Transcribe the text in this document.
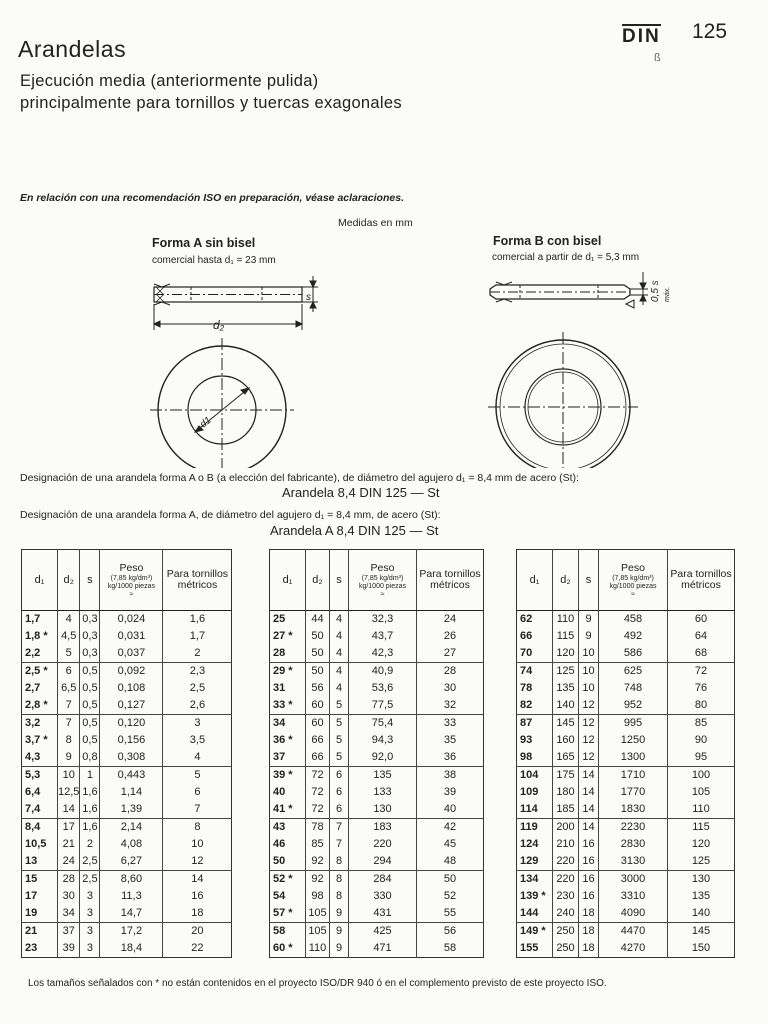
Arandelas
Ejecución media (anteriormente pulida)
principalmente para tornillos y tuercas exagonales
DIN 125
ß
En relación con una recomendación ISO en preparación, véase aclaraciones.
Medidas en mm
Forma A sin bisel
comercial hasta d₁ = 23 mm
Forma B con bisel
comercial a partir de d₁ = 5,3 mm
d₂
s
d1
0,5 s máx.
Designación de una arandela forma A o B (a elección del fabricante), de diámetro del agujero d₁ = 8,4 mm de acero (St):
Arandela 8,4 DIN 125 — St
Designación de una arandela forma A, de diámetro del agujero d₁ = 8,4 mm, de acero (St):
Arandela A 8,4 DIN 125 — St
d₁	d₂	s	Peso
(7,85 kg/dm³)
kg/1000 piezas
≈	Para tornillos métricos
1,7	4	0,3	0,024	1,6
1,8 *	4,5	0,3	0,031	1,7
2,2	5	0,3	0,037	2
2,5 *	6	0,5	0,092	2,3
2,7	6,5	0,5	0,108	2,5
2,8 *	7	0,5	0,127	2,6
3,2	7	0,5	0,120	3
3,7 *	8	0,5	0,156	3,5
4,3	9	0,8	0,308	4
5,3	10	1	0,443	5
6,4	12,5	1,6	1,14	6
7,4	14	1,6	1,39	7
8,4	17	1,6	2,14	8
10,5	21	2	4,08	10
13	24	2,5	6,27	12
15	28	2,5	8,60	14
17	30	3	11,3	16
19	34	3	14,7	18
21	37	3	17,2	20
23	39	3	18,4	22
d₁	d₂	s	Peso
(7,85 kg/dm³)
kg/1000 piezas
≈	Para tornillos métricos
25	44	4	32,3	24
27 *	50	4	43,7	26
28	50	4	42,3	27
29 *	50	4	40,9	28
31	56	4	53,6	30
33 *	60	5	77,5	32
34	60	5	75,4	33
36 *	66	5	94,3	35
37	66	5	92,0	36
39 *	72	6	135	38
40	72	6	133	39
41 *	72	6	130	40
43	78	7	183	42
46	85	7	220	45
50	92	8	294	48
52 *	92	8	284	50
54	98	8	330	52
57 *	105	9	431	55
58	105	9	425	56
60 *	110	9	471	58
d₁	d₂	s	Peso
(7,85 kg/dm³)
kg/1000 piezas
≈	Para tornillos métricos
62	110	9	458	60
66	115	9	492	64
70	120	10	586	68
74	125	10	625	72
78	135	10	748	76
82	140	12	952	80
87	145	12	995	85
93	160	12	1250	90
98	165	12	1300	95
104	175	14	1710	100
109	180	14	1770	105
114	185	14	1830	110
119	200	14	2230	115
124	210	16	2830	120
129	220	16	3130	125
134	220	16	3000	130
139 *	230	16	3310	135
144	240	18	4090	140
149 *	250	18	4470	145
155	250	18	4270	150
Los tamaños señalados con * no están contenidos en el proyecto ISO/DR 940 ó en el complemento previsto de este proyecto ISO.
